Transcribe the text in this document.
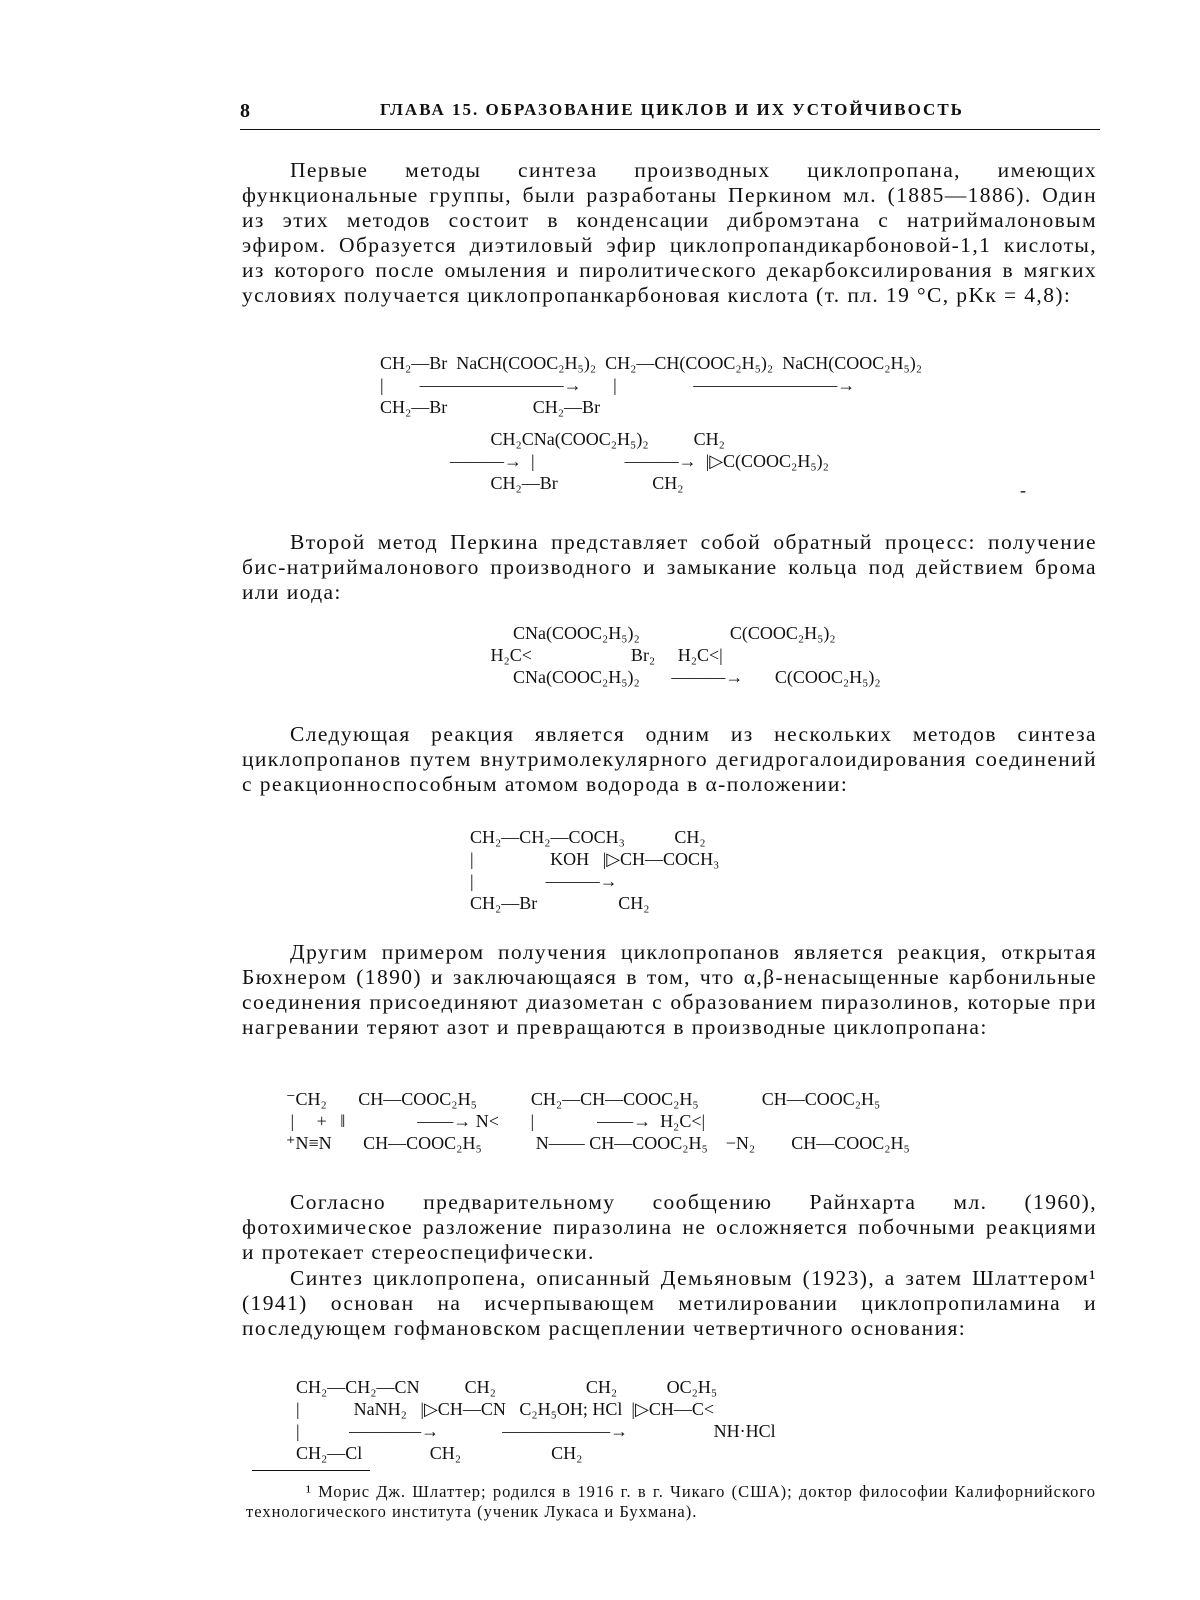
8	ГЛАВА 15. ОБРАЗОВАНИЕ ЦИКЛОВ И ИХ УСТОЙЧИВОСТЬ

Первые методы синтеза производных циклопропана, имеющих функциональные группы, были разработаны Перкином мл. (1885—1886). Один из этих методов состоит в конденсации дибромэтана с натриймалоновым эфиром. Образуется диэтиловый эфир циклопропандикарбоновой-1,1 кислоты, из которого после омыления и пиролитического декарбоксилирования в мягких условиях получается циклопропанкарбоновая кислота (т. пл. 19 °С, рKк = 4,8):

CH₂—Br  NaCH(COOC₂H₅)₂  CH₂—CH(COOC₂H₅)₂  NaCH(COOC₂H₅)₂
|        ————————→       |                 ————————→
CH₂—Br                   CH₂—Br
CH₂CNa(COOC₂H₅)₂          CH₂
———→  |                    ———→  |▷C(COOC₂H₅)₂
CH₂—Br                     CH₂	-

Второй метод Перкина представляет собой обратный процесс: получение бис-натриймалонового производного и замыкание кольца под действием брома или иода:

CNa(COOC₂H₅)₂                    C(COOC₂H₅)₂
H₂C<                      Br₂     H₂C<|
CNa(COOC₂H₅)₂       ———→       C(COOC₂H₅)₂

Следующая реакция является одним из нескольких методов синтеза циклопропанов путем внутримолекулярного дегидрогалоидирования соединений с реакционноспособным атомом водорода в α-положении:

CH₂—CH₂—COCH₃           CH₂
|                 KOH   |▷CH—COCH₃
|                ———→
CH₂—Br                  CH₂

Другим примером получения циклопропанов является реакция, открытая Бюхнером (1890) и заключающаяся в том, что α,β-ненасыщенные карбонильные соединения присоединяют диазометан с образованием пиразолинов, которые при нагревании теряют азот и превращаются в производные циклопропана:

⁻CH₂       CH—COOC₂H₅            CH₂—CH—COOC₂H₅              CH—COOC₂H₅
|     +   ‖                ——→ N<       |              ——→  H₂C<|
⁺N≡N       CH—COOC₂H₅            N—— CH—COOC₂H₅    −N₂        CH—COOC₂H₅

Согласно предварительному сообщению Райнхарта мл. (1960), фотохимическое разложение пиразолина не осложняется побочными реакциями и протекает стереоспецифически.

Синтез циклопропена, описанный Демьяновым (1923), а затем Шлаттером¹ (1941) основан на исчерпывающем метилировании циклопропиламина и последующем гофмановском расщеплении четвертичного основания:

CH₂—CH₂—CN          CH₂                    CH₂           OC₂H₅
|            NaNH₂   |▷CH—CN   C₂H₅OH; HCl  |▷CH—C<
|           ————→              ——————→                   NH·HCl
CH₂—Cl               CH₂                    CH₂

¹ Морис Дж. Шлаттер; родился в 1916 г. в г. Чикаго (США); доктор философии Калифорнийского технологического института (ученик Лукаса и Бухмана).
